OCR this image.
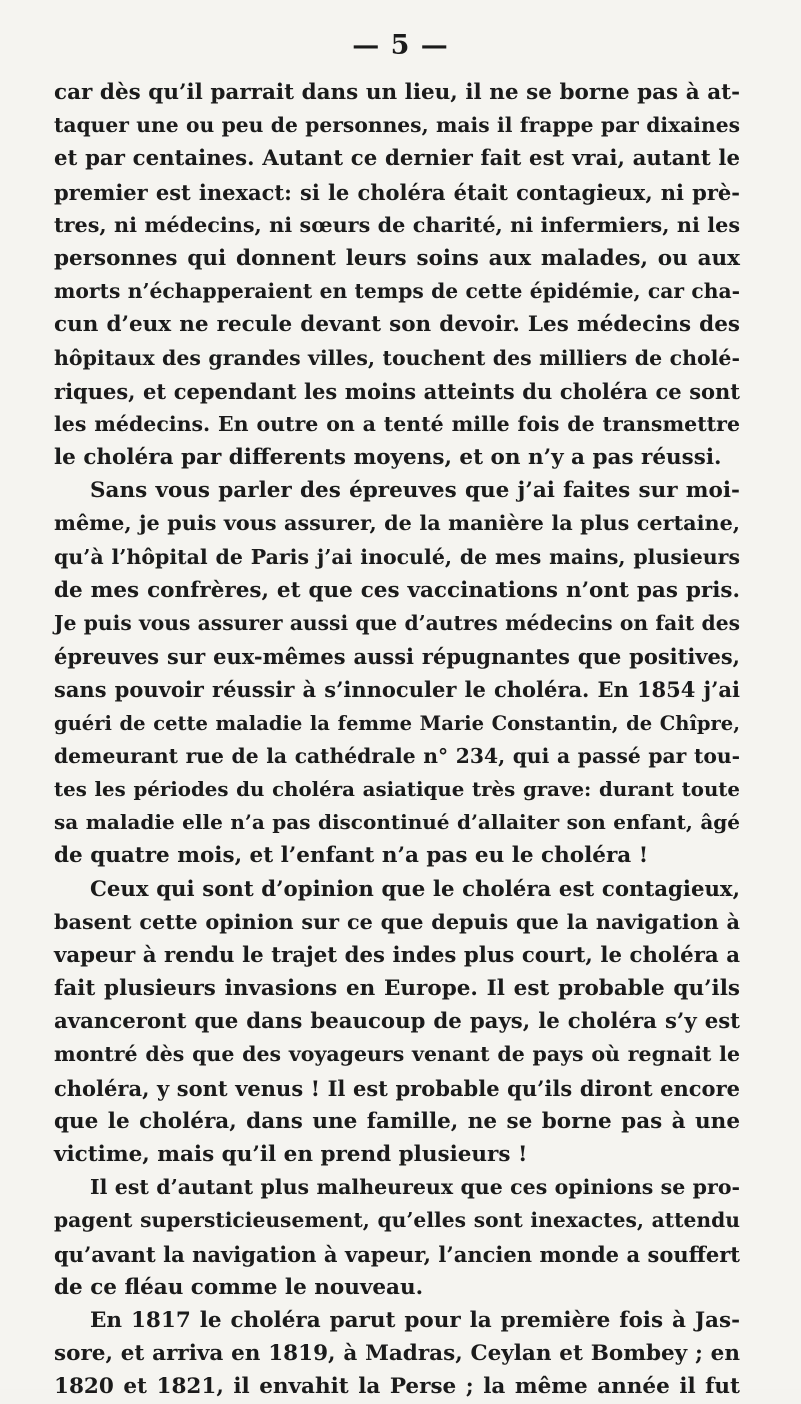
— 5 —
car dès qu’il parrait dans un lieu, il ne se borne pas à at-
taquer une ou peu de personnes, mais il frappe par dixaines
et par centaines. Autant ce dernier fait est vrai, autant le
premier est inexact: si le choléra était contagieux, ni prè-
tres, ni médecins, ni sœurs de charité, ni infermiers, ni les
personnes qui donnent leurs soins aux malades, ou aux
morts n’échapperaient en temps de cette épidémie, car cha-
cun d’eux ne recule devant son devoir. Les médecins des
hôpitaux des grandes villes, touchent des milliers de cholé-
riques, et cependant les moins atteints du choléra ce sont
les médecins. En outre on a tenté mille fois de transmettre
le choléra par differents moyens, et on n’y a pas réussi.
Sans vous parler des épreuves que j’ai faites sur moi-
même, je puis vous assurer, de la manière la plus certaine,
qu’à l’hôpital de Paris j’ai inoculé, de mes mains, plusieurs
de mes confrères, et que ces vaccinations n’ont pas pris.
Je puis vous assurer aussi que d’autres médecins on fait des
épreuves sur eux-mêmes aussi répugnantes que positives,
sans pouvoir réussir à s’innoculer le choléra. En 1854 j’ai
guéri de cette maladie la femme Marie Constantin, de Chîpre,
demeurant rue de la cathédrale n° 234, qui a passé par tou-
tes les périodes du choléra asiatique très grave: durant toute
sa maladie elle n’a pas discontinué d’allaiter son enfant, âgé
de quatre mois, et l’enfant n’a pas eu le choléra !
Ceux qui sont d’opinion que le choléra est contagieux,
basent cette opinion sur ce que depuis que la navigation à
vapeur à rendu le trajet des indes plus court, le choléra a
fait plusieurs invasions en Europe. Il est probable qu’ils
avanceront que dans beaucoup de pays, le choléra s’y est
montré dès que des voyageurs venant de pays où regnait le
choléra, y sont venus ! Il est probable qu’ils diront encore
que le choléra, dans une famille, ne se borne pas à une
victime, mais qu’il en prend plusieurs !
Il est d’autant plus malheureux que ces opinions se pro-
pagent supersticieusement, qu’elles sont inexactes, attendu
qu’avant la navigation à vapeur, l’ancien monde a souffert
de ce fléau comme le nouveau.
En 1817 le choléra parut pour la première fois à Jas-
sore, et arriva en 1819, à Madras, Ceylan et Bombey ; en
1820 et 1821, il envahit la Perse ; la même année il fut
